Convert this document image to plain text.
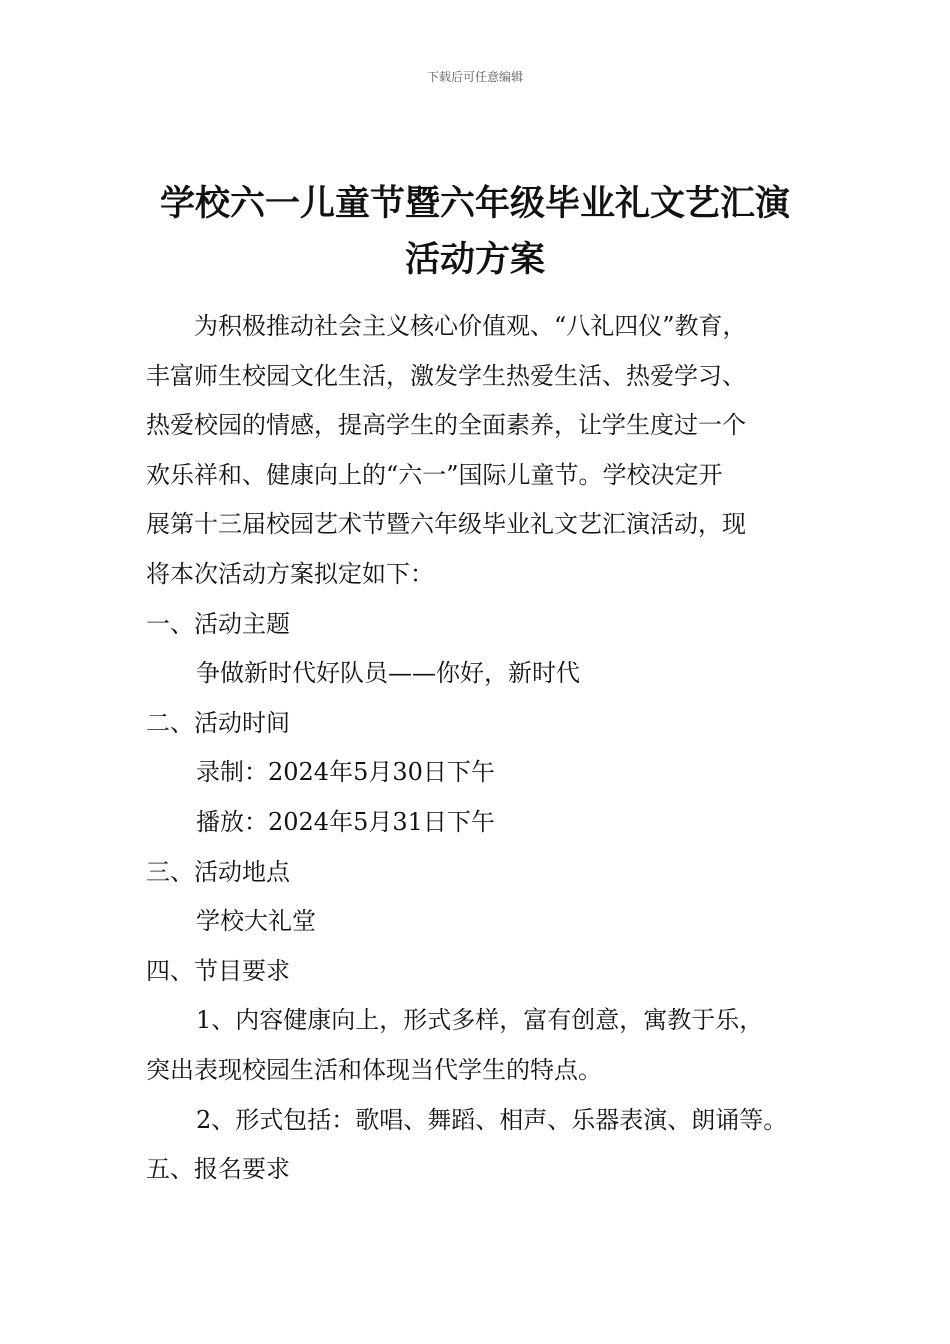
下载后可任意编辑
学校六一儿童节暨六年级毕业礼文艺汇演
活动方案

为积极推动社会主义核心价值观、“八礼四仪”教育，

丰富师生校园文化生活，激发学生热爱生活、热爱学习、

热爱校园的情感，提高学生的全面素养，让学生度过一个

欢乐祥和、健康向上的“六一”国际儿童节。学校决定开

展第十三届校园艺术节暨六年级毕业礼文艺汇演活动，现

将本次活动方案拟定如下：

一、活动主题

争做新时代好队员——你好，新时代

二、活动时间

录制：2024年5月30日下午

播放：2024年5月31日下午

三、活动地点

学校大礼堂

四、节目要求

1、内容健康向上，形式多样，富有创意，寓教于乐，

突出表现校园生活和体现当代学生的特点。

2、形式包括：歌唱、舞蹈、相声、乐器表演、朗诵等。

五、报名要求
